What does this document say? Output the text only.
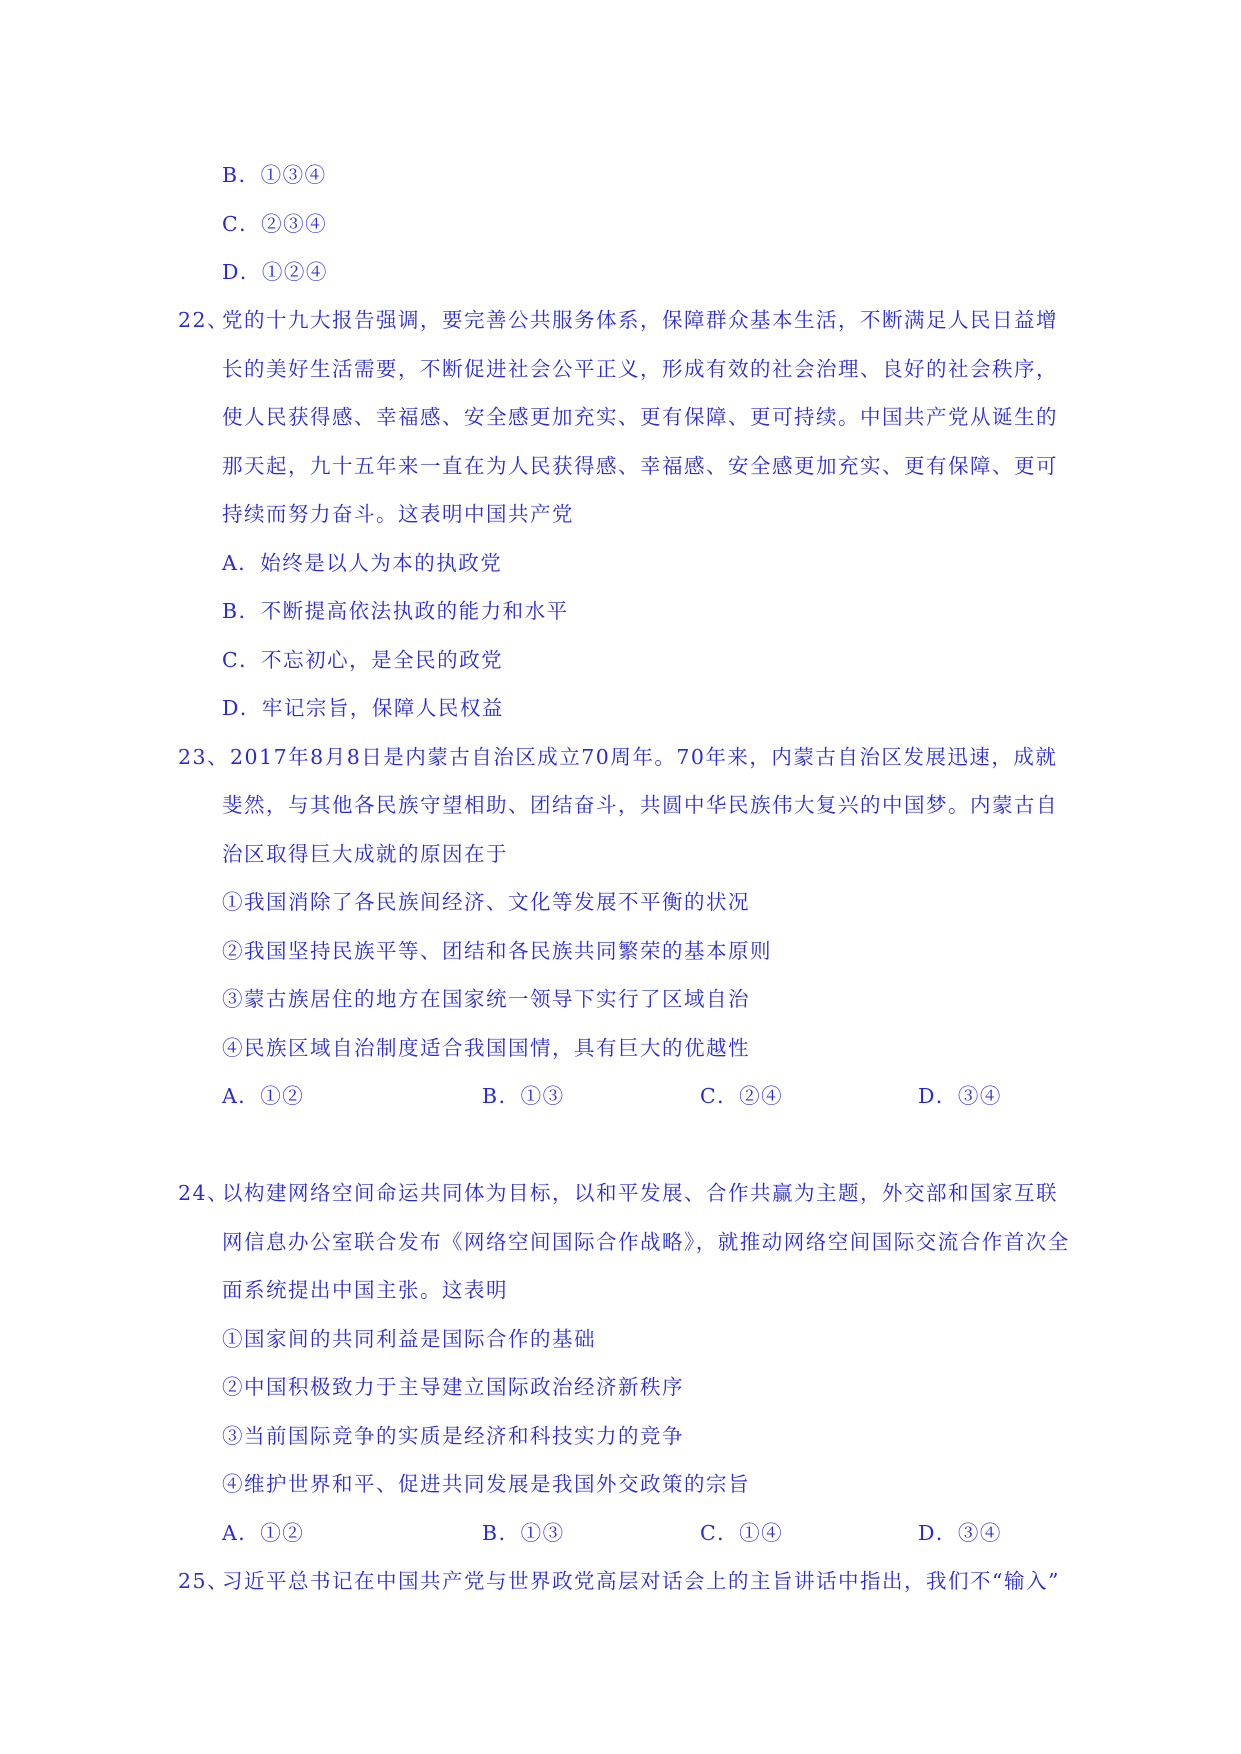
B．①③④
C．②③④
D．①②④
22、
党的十九大报告强调，要完善公共服务体系，保障群众基本生活，不断满足人民日益增
长的美好生活需要，不断促进社会公平正义，形成有效的社会治理、良好的社会秩序，
使人民获得感、幸福感、安全感更加充实、更有保障、更可持续。中国共产党从诞生的
那天起，九十五年来一直在为人民获得感、幸福感、安全感更加充实、更有保障、更可
持续而努力奋斗。这表明中国共产党
A．始终是以人为本的执政党
B．不断提高依法执政的能力和水平
C．不忘初心，是全民的政党
D．牢记宗旨，保障人民权益
23、 2017年8月8日是内蒙古自治区成立70周年。70年来，内蒙古自治区发展迅速，成就
斐然，与其他各民族守望相助、团结奋斗，共圆中华民族伟大复兴的中国梦。内蒙古自
治区取得巨大成就的原因在于
①我国消除了各民族间经济、文化等发展不平衡的状况
②我国坚持民族平等、团结和各民族共同繁荣的基本原则
③蒙古族居住的地方在国家统一领导下实行了区域自治
④民族区域自治制度适合我国国情，具有巨大的优越性
A．①②	B．①③	C．②④	D．③④
24、
以构建网络空间命运共同体为目标，以和平发展、合作共赢为主题，外交部和国家互联
网信息办公室联合发布《网络空间国际合作战略》，就推动网络空间国际交流合作首次全
面系统提出中国主张。这表明
①国家间的共同利益是国际合作的基础
②中国积极致力于主导建立国际政治经济新秩序
③当前国际竞争的实质是经济和科技实力的竞争
④维护世界和平、促进共同发展是我国外交政策的宗旨
A．①②	B．①③	C．①④	D．③④
25、
习近平总书记在中国共产党与世界政党高层对话会上的主旨讲话中指出，我们不“输入”
